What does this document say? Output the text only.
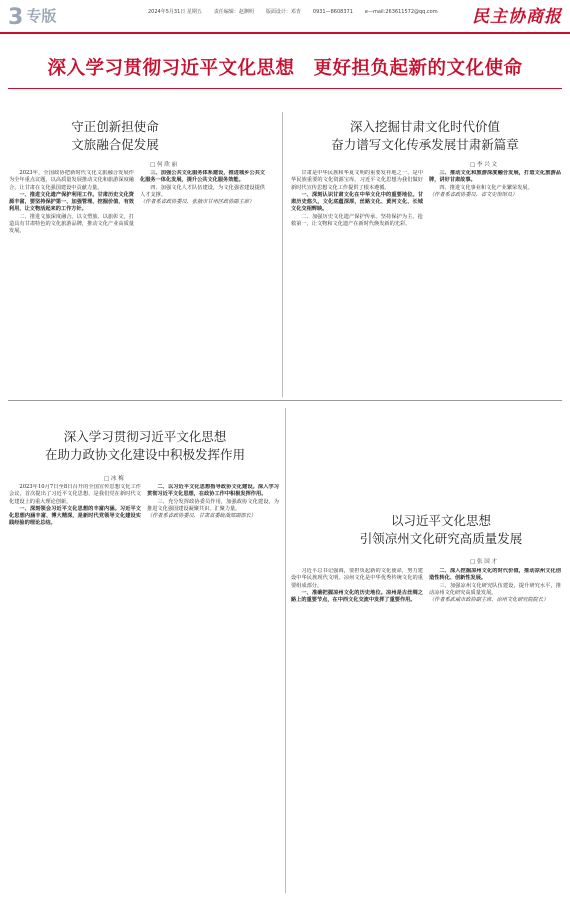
3 专版	2024年5月31日 星期五 责任编辑：赵渊明 版面设计：邓青 0931—8608371 e—mail:263611572@qq.com	民主协商报
深入学习贯彻习近平文化思想　更好担负起新的文化使命
守正创新担使命
文旅融合促发展
□ 何 欣 丽

2023年，全国政协把新时代文化文旅融合发展作为全年重点议题，以高质量发展推动文化和旅游深度融合，让甘肃在文化强国建设中贡献力量。

一、推进文化遗产保护利用工作。甘肃历史文化资源丰富，要坚持保护第一、加强管理、挖掘价值、有效利用、让文物活起来的工作方针。

二、推进文旅深度融合。以文塑旅、以旅彰文，打造具有甘肃特色的文化旅游品牌，推动文化产业高质量发展。

三、加强公共文化服务体系建设，推进城乡公共文化服务一体化发展，提升公共文化服务效能。

四、加强文化人才队伍建设，为文化强省建设提供人才支撑。

（作者系省政协委员、张掖市甘州区政协副主席）

深入挖掘甘肃文化时代价值
奋力谱写文化传承发展甘肃新篇章
□ 李 兴 文

甘肃是中华民族和华夏文明的重要发祥地之一，是中华民族重要的文化资源宝库。习近平文化思想为我们做好新时代宣传思想文化工作提供了根本遵循。

一、深刻认识甘肃文化在中华文化中的重要地位。甘肃历史悠久，文化底蕴深厚，丝路文化、黄河文化、长城文化交相辉映。

二、加强历史文化遗产保护传承。坚持保护为主、抢救第一，让文物和文化遗产在新时代焕发新的光彩。

三、推动文化和旅游深度融合发展，打造文化旅游品牌，讲好甘肃故事。

四、推进文化事业和文化产业繁荣发展。

（作者系省政协委员、省文史馆馆员）

深入学习贯彻习近平文化思想
在助力政协文化建设中积极发挥作用
□ 冰 梅

2023年10月7日至8日召开的全国宣传思想文化工作会议，首次提出了习近平文化思想，是我们党在新时代文化建设上的重大理论创新。

一、深刻领会习近平文化思想的丰富内涵。习近平文化思想内涵丰富、博大精深，是新时代党领导文化建设实践经验的理论总结。

二、以习近平文化思想指导政协文化建设。深入学习贯彻习近平文化思想，在政协工作中积极发挥作用。

三、充分发挥政协委员作用，加强政协文化建设，为推进文化强国建设凝聚共识、汇聚力量。

（作者系省政协委员、甘肃省委统战部副部长）	以习近平文化思想
引领凉州文化研究高质量发展
□ 张 国 才

习近平总书记强调，要担负起新的文化使命，努力建设中华民族现代文明。凉州文化是中华优秀传统文化的重要组成部分。

一、准确把握凉州文化的历史地位。凉州是古丝绸之路上的重要节点，在中西文化交流中发挥了重要作用。

二、深入挖掘凉州文化的时代价值，推动凉州文化创造性转化、创新性发展。

三、加强凉州文化研究队伍建设，提升研究水平，推动凉州文化研究高质量发展。

（作者系武威市政协副主席、凉州文化研究院院长）
